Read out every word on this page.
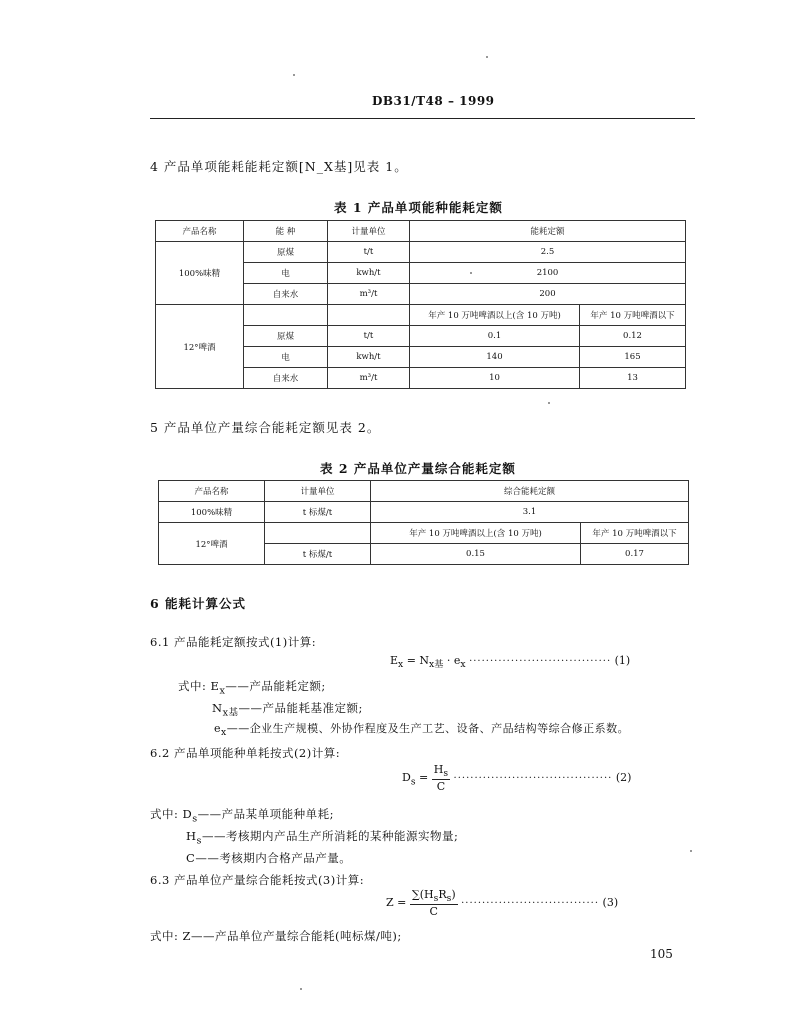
DB31/T48 – 1999
4 产品单项能耗能耗定额[N_X基]见表 1。
表 1 产品单项能种能耗定额
产品名称	能 种	计量单位	能耗定额	
100%味精	原煤	t/t	2.5	
	电	kwh/t	2100	
	自来水	m³/t	200	
12°啤酒			年产 10 万吨啤酒以上(含 10 万吨)	年产 10 万吨啤酒以下
	原煤	t/t	0.1	0.12
	电	kwh/t	140	165
	自来水	m³/t	10	13
5 产品单位产量综合能耗定额见表 2。
表 2 产品单位产量综合能耗定额
产品名称	计量单位	综合能耗定额	
100%味精	t 标煤/t	3.1	
12°啤酒		年产 10 万吨啤酒以上(含 10 万吨)	年产 10 万吨啤酒以下
	t 标煤/t	0.15	0.17
6 能耗计算公式
6.1 产品能耗定额按式(1)计算:
$E_x = N_{x基} \cdot e_x$ ·································· (1)
式中: $E_x——$产品能耗定额;
$N_{x基}——$产品能耗基准定额;
$e_x——$企业生产规模、外协作程度及生产工艺、设备、产品结构等综合修正系数。
6.2 产品单项能种单耗按式(2)计算:
$D_s = \frac{H_s}{C}$ ······································ (2)
式中: $D_s——$产品某单项能种单耗;
$H_s——$考核期内产品生产所消耗的某种能源实物量;
C——考核期内合格产品产量。
6.3 产品单位产量综合能耗按式(3)计算:
$Z = \frac{\sum(H_sR_s)}{C}$ ································· (3)
式中: Z——产品单位产量综合能耗(吨标煤/吨);
105
